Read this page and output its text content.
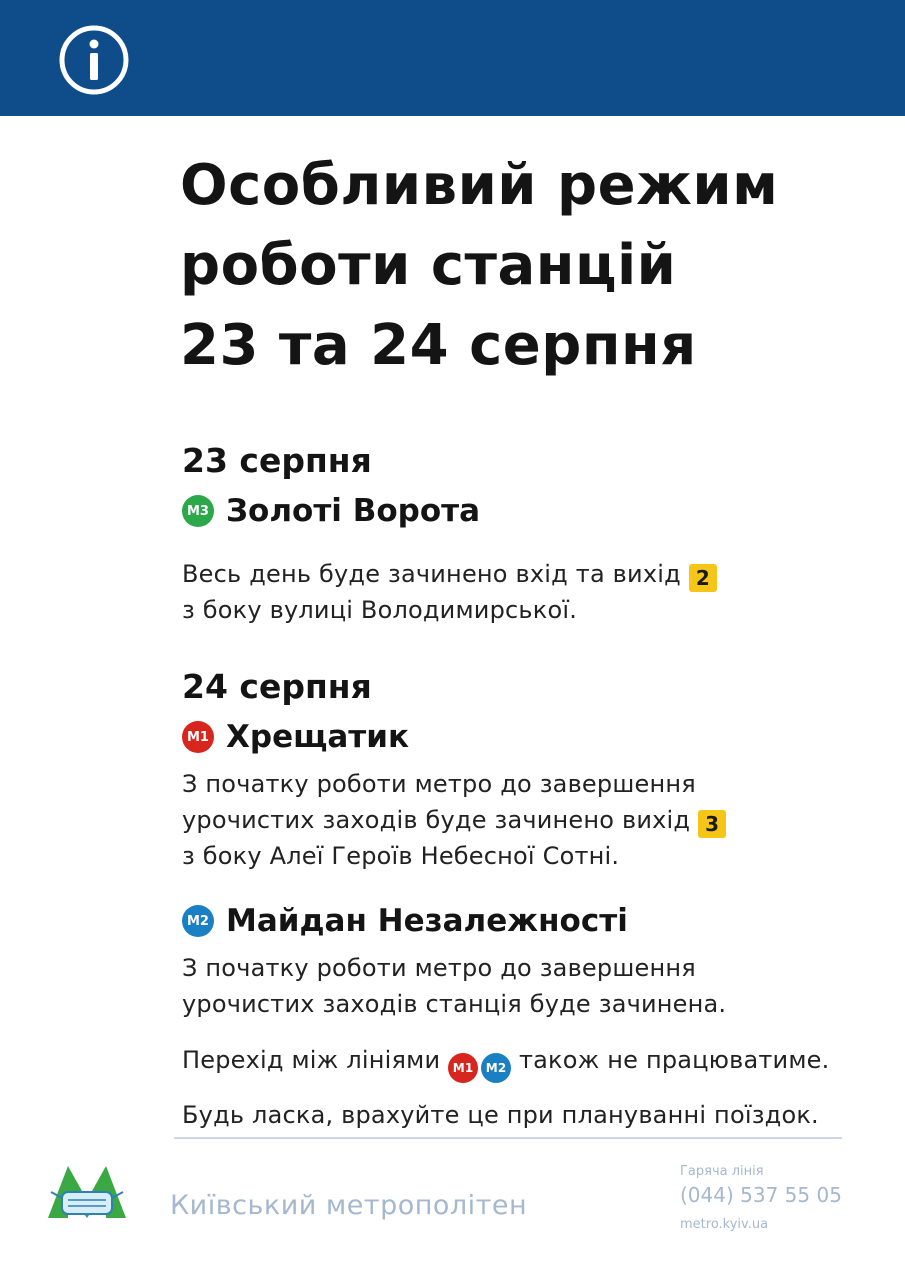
Особливий режим
роботи станцій
23 та 24 серпня
23 серпня
M3 Золоті Ворота

Весь день буде зачинено вхід та вихід 2

з боку вулиці Володимирської.

24 серпня
M1 Хрещатик

З початку роботи метро до завершення

урочистих заходів буде зачинено вихід 3

з боку Алеї Героїв Небесної Сотні.

M2 Майдан Незалежності

З початку роботи метро до завершення

урочистих заходів станція буде зачинена.

Перехід між лініями M1 M2 також не працюватиме.

Будь ласка, врахуйте це при плануванні поїздок.

Київський метрополітен
Гаряча лінія
(044) 537 55 05
metro.kyiv.ua
